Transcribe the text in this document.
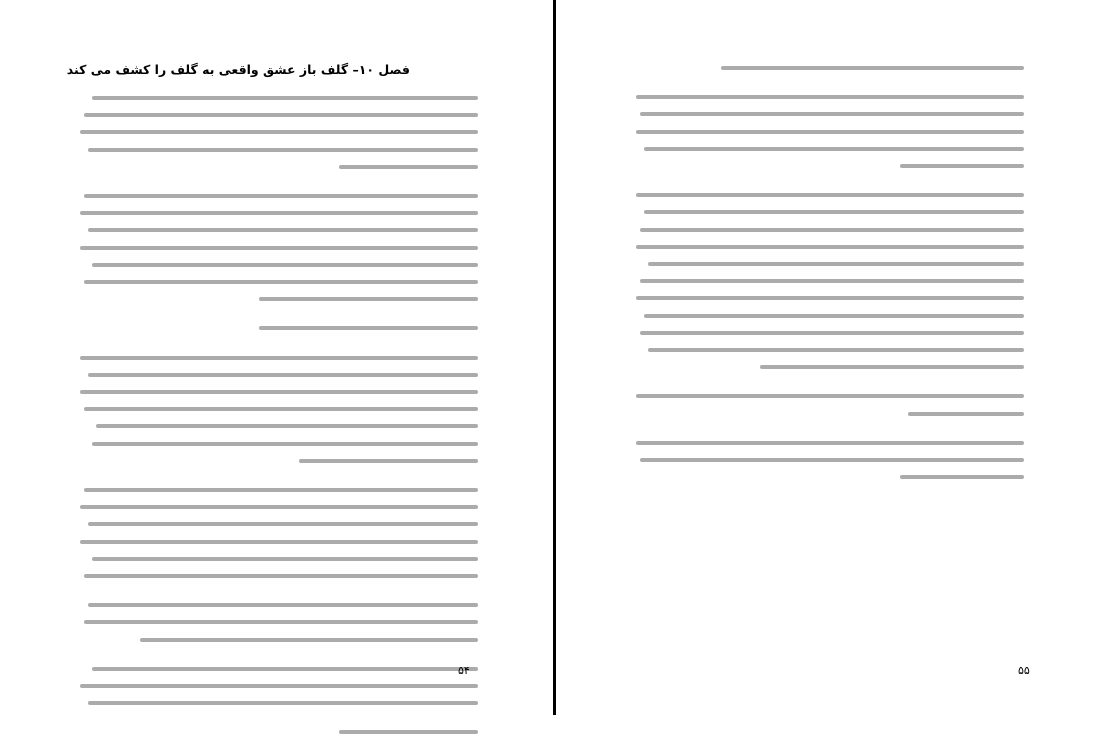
فصل ۱۰– گلف باز عشق واقعی به گلف را کشف می کند
۵۴	۵۵
